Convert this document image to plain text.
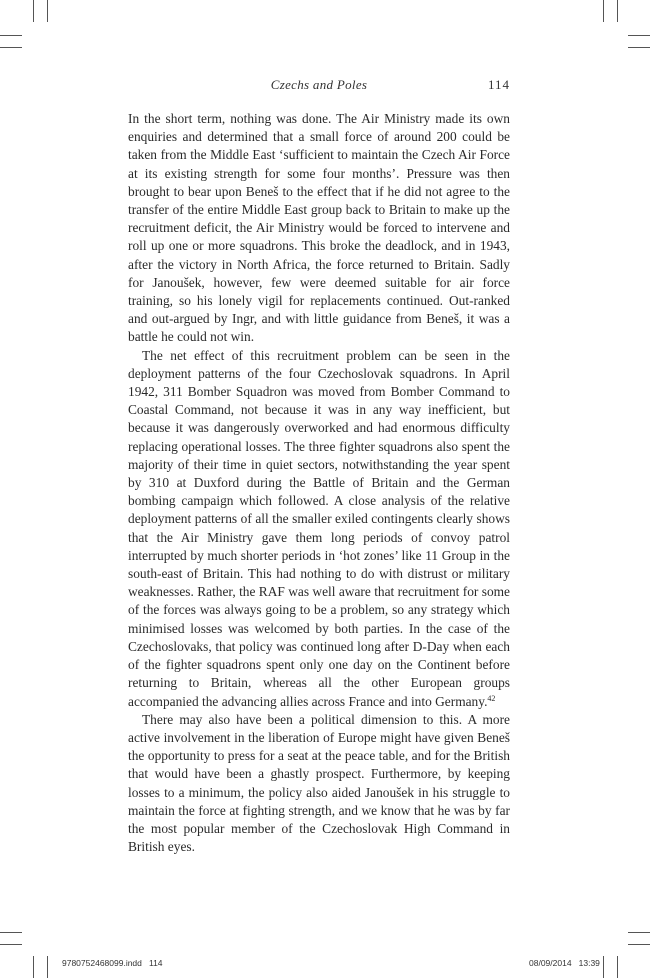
Czechs and Poles	114

In the short term, nothing was done. The Air Ministry made its own enquiries and determined that a small force of around 200 could be taken from the Middle East ‘sufficient to maintain the Czech Air Force at its existing strength for some four months’. Pressure was then brought to bear upon Beneš to the effect that if he did not agree to the transfer of the entire Middle East group back to Britain to make up the recruitment deficit, the Air Ministry would be forced to intervene and roll up one or more squadrons. This broke the deadlock, and in 1943, after the victory in North Africa, the force returned to Britain. Sadly for Janoušek, however, few were deemed suitable for air force training, so his lonely vigil for replacements continued. Out-ranked and out-argued by Ingr, and with little guidance from Beneš, it was a battle he could not win.

The net effect of this recruitment problem can be seen in the deployment patterns of the four Czechoslovak squadrons. In April 1942, 311 Bomber Squadron was moved from Bomber Command to Coastal Command, not because it was in any way inefficient, but because it was dangerously overworked and had enormous difficulty replacing operational losses. The three fighter squadrons also spent the majority of their time in quiet sectors, notwithstanding the year spent by 310 at Duxford during the Battle of Britain and the German bombing campaign which followed. A close analysis of the relative deployment patterns of all the smaller exiled contingents clearly shows that the Air Ministry gave them long periods of convoy patrol interrupted by much shorter periods in ‘hot zones’ like 11 Group in the south-east of Britain. This had nothing to do with distrust or military weaknesses. Rather, the RAF was well aware that recruitment for some of the forces was always going to be a problem, so any strategy which minimised losses was welcomed by both parties. In the case of the Czechoslovaks, that policy was continued long after D-Day when each of the fighter squadrons spent only one day on the Continent before returning to Britain, whereas all the other European groups accompanied the advancing allies across France and into Germany.$^{42}$

There may also have been a political dimension to this. A more active involvement in the liberation of Europe might have given Beneš the opportunity to press for a seat at the peace table, and for the British that would have been a ghastly prospect. Furthermore, by keeping losses to a minimum, the policy also aided Janoušek in his struggle to maintain the force at fighting strength, and we know that he was by far the most popular member of the Czechoslovak High Command in British eyes.

9780752468099.indd   114	08/09/2014   13:39
